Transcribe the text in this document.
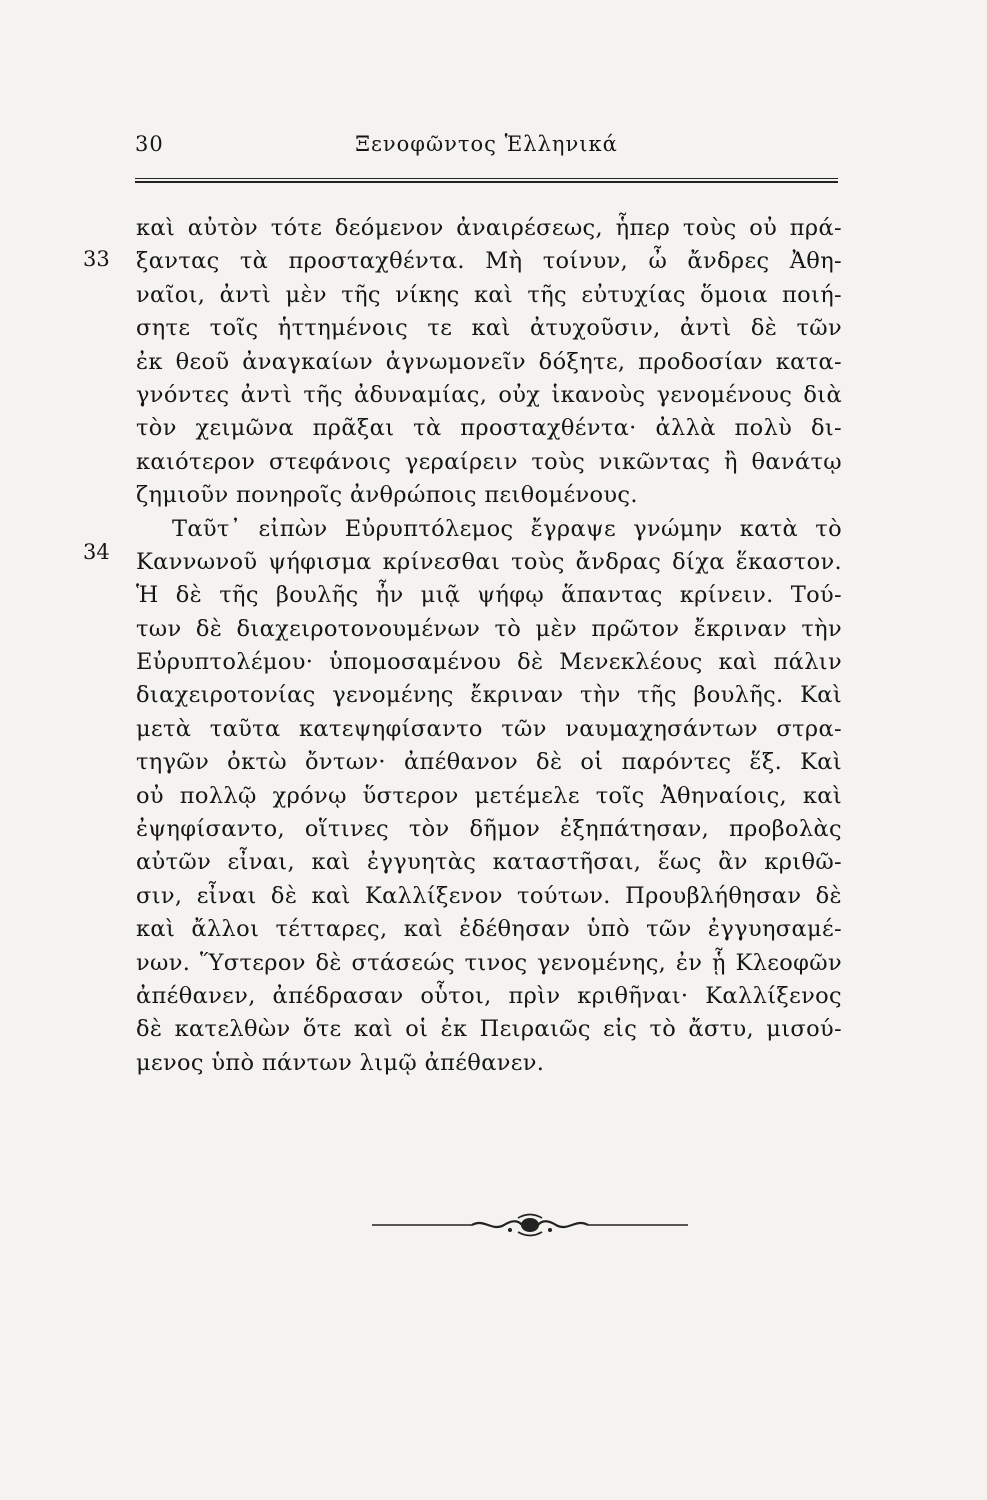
30	Ξενοφῶντος Ἑλληνικά
33
34
καὶ αὐτὸν τότε δεόμενον ἀναιρέσεως, ἧπερ τοὺς οὐ πρά-
ξαντας τὰ προσταχθέντα. Μὴ τοίνυν, ὦ ἄνδρες Ἀθη-
ναῖοι, ἀντὶ μὲν τῆς νίκης καὶ τῆς εὐτυχίας ὅμοια ποιή-
σητε τοῖς ἡττημένοις τε καὶ ἀτυχοῦσιν, ἀντὶ δὲ τῶν
ἐκ θεοῦ ἀναγκαίων ἀγνωμονεῖν δόξητε, προδοσίαν κατα-
γνόντες ἀντὶ τῆς ἀδυναμίας, οὐχ ἱκανοὺς γενομένους διὰ
τὸν χειμῶνα πρᾶξαι τὰ προσταχθέντα· ἀλλὰ πολὺ δι-
καιότερον στεφάνοις γεραίρειν τοὺς νικῶντας ἢ θανάτῳ
ζημιοῦν πονηροῖς ἀνθρώποις πειθομένους.
Ταῦτ᾽ εἰπὼν Εὐρυπτόλεμος ἔγραψε γνώμην κατὰ τὸ
Καννωνοῦ ψήφισμα κρίνεσθαι τοὺς ἄνδρας δίχα ἕκαστον.
Ἡ δὲ τῆς βουλῆς ἦν μιᾷ ψήφῳ ἅπαντας κρίνειν. Τού-
των δὲ διαχειροτονουμένων τὸ μὲν πρῶτον ἔκριναν τὴν
Εὐρυπτολέμου· ὑπομοσαμένου δὲ Μενεκλέους καὶ πάλιν
διαχειροτονίας γενομένης ἔκριναν τὴν τῆς βουλῆς. Καὶ
μετὰ ταῦτα κατεψηφίσαντο τῶν ναυμαχησάντων στρα-
τηγῶν ὀκτὼ ὄντων· ἀπέθανον δὲ οἱ παρόντες ἕξ. Καὶ
οὐ πολλῷ χρόνῳ ὕστερον μετέμελε τοῖς Ἀθηναίοις, καὶ
ἐψηφίσαντο, οἵτινες τὸν δῆμον ἐξηπάτησαν, προβολὰς
αὐτῶν εἶναι, καὶ ἐγγυητὰς καταστῆσαι, ἕως ἂν κριθῶ-
σιν, εἶναι δὲ καὶ Καλλίξενον τούτων. Προυβλήθησαν δὲ
καὶ ἄλλοι τέτταρες, καὶ ἐδέθησαν ὑπὸ τῶν ἐγγυησαμέ-
νων. Ὕστερον δὲ στάσεώς τινος γενομένης, ἐν ᾗ Κλεοφῶν
ἀπέθανεν, ἀπέδρασαν οὗτοι, πρὶν κριθῆναι· Καλλίξενος
δὲ κατελθὼν ὅτε καὶ οἱ ἐκ Πειραιῶς εἰς τὸ ἄστυ, μισού-
μενος ὑπὸ πάντων λιμῷ ἀπέθανεν.
